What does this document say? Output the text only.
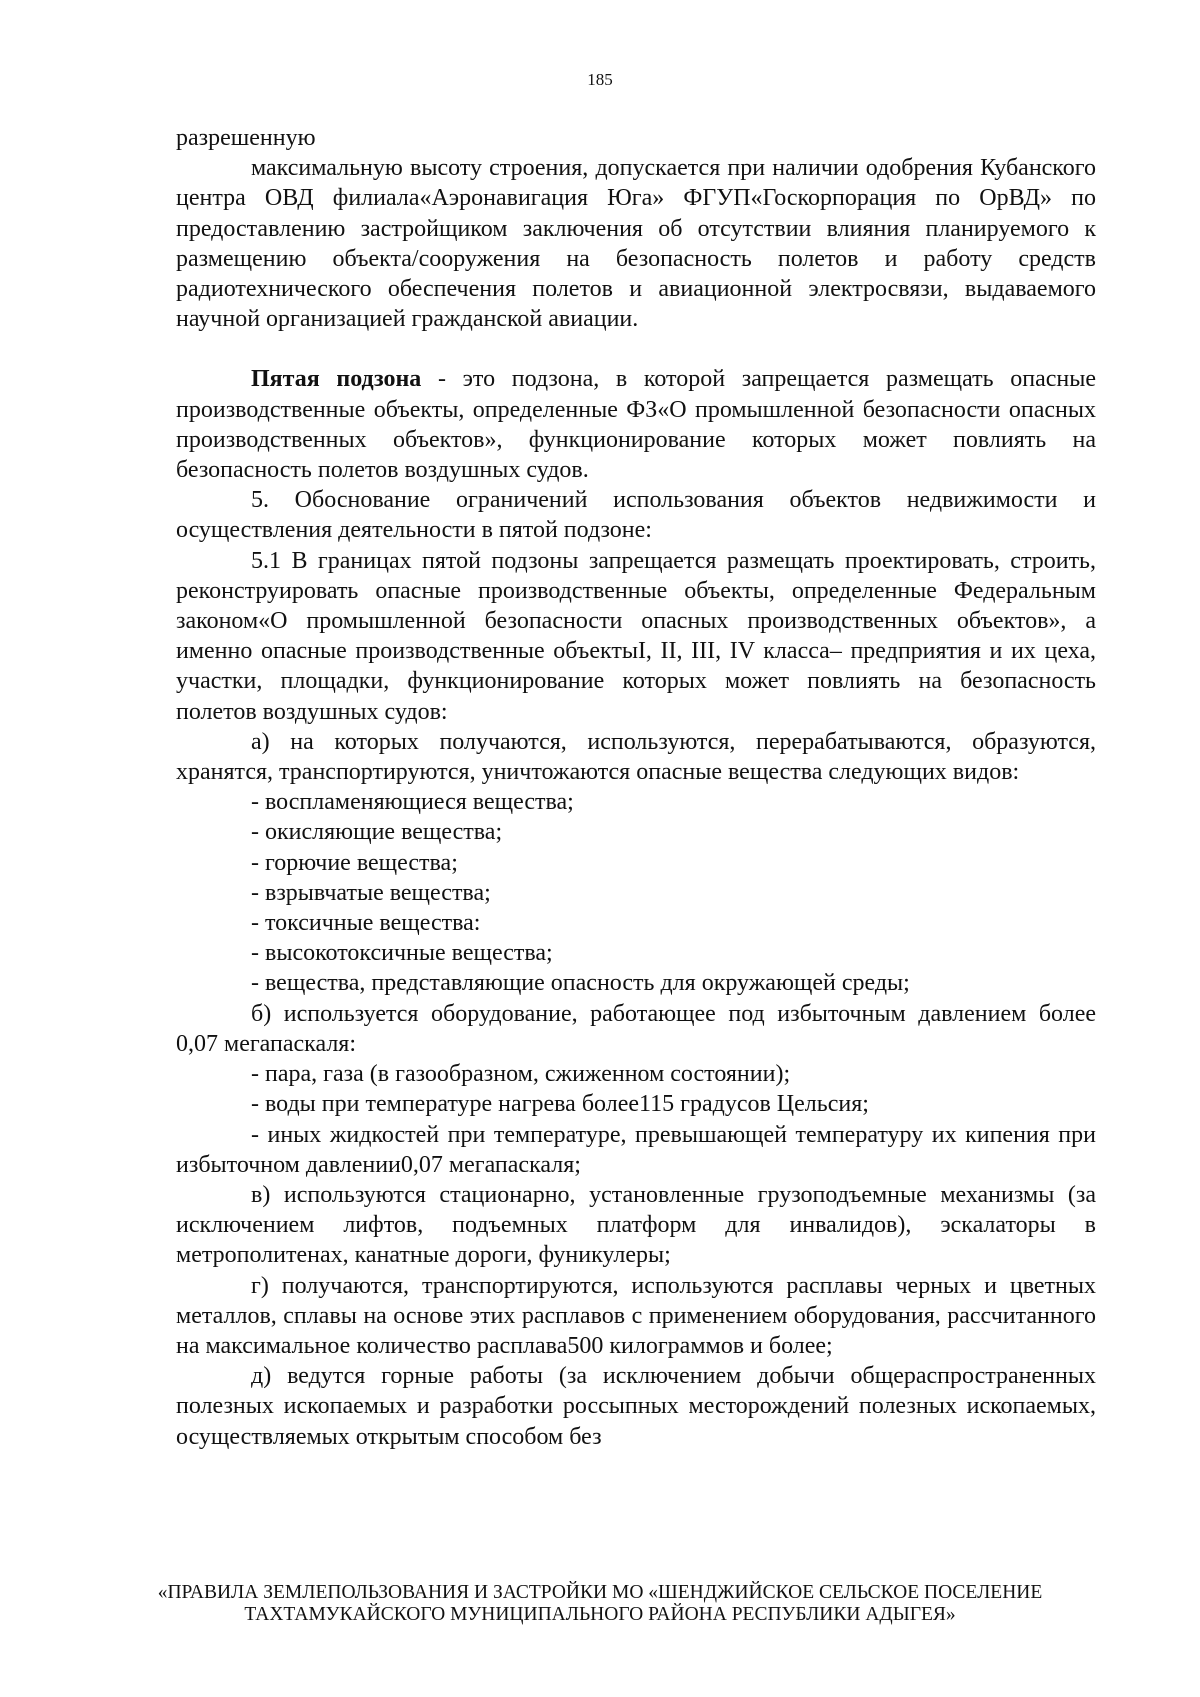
185

разрешенную

максимальную высоту строения, допускается при наличии одобрения Кубанского центра ОВД филиала«Аэронавигация Юга» ФГУП«Госкорпорация по ОрВД» по предоставлению застройщиком заключения об отсутствии влияния планируемого к размещению объекта/сооружения на безопасность полетов и работу средств радиотехнического обеспечения полетов и авиационной электросвязи, выдаваемого научной организацией гражданской авиации.

Пятая подзона - это подзона, в которой запрещается размещать опасные производственные объекты, определенные ФЗ«О промышленной безопасности опасных производственных объектов», функционирование которых может повлиять на безопасность полетов воздушных судов.

5. Обоснование ограничений использования объектов недвижимости и осуществления деятельности в пятой подзоне:

5.1 В границах пятой подзоны запрещается размещать проектировать, строить, реконструировать опасные производственные объекты, определенные Федеральным законом«О промышленной безопасности опасных производственных объектов», а именно опасные производственные объектыI, II, III, IV класса– предприятия и их цеха, участки, площадки, функционирование которых может повлиять на безопасность полетов воздушных судов:

а) на которых получаются, используются, перерабатываются, образуются, хранятся, транспортируются, уничтожаются опасные вещества следующих видов:

- воспламеняющиеся вещества;

- окисляющие вещества;

- горючие вещества;

- взрывчатые вещества;

- токсичные вещества:

- высокотоксичные вещества;

- вещества, представляющие опасность для окружающей среды;

б) используется оборудование, работающее под избыточным давлением более 0,07 мегапаскаля:

- пара, газа (в газообразном, сжиженном состоянии);

- воды при температуре нагрева более115 градусов Цельсия;

- иных жидкостей при температуре, превышающей температуру их кипения при избыточном давлении0,07 мегапаскаля;

в) используются стационарно, установленные грузоподъемные механизмы (за исключением лифтов, подъемных платформ для инвалидов), эскалаторы в метрополитенах, канатные дороги, фуникулеры;

г) получаются, транспортируются, используются расплавы черных и цветных металлов, сплавы на основе этих расплавов с применением оборудования, рассчитанного на максимальное количество расплава500 килограммов и более;

д) ведутся горные работы (за исключением добычи общераспространенных полезных ископаемых и разработки россыпных месторождений полезных ископаемых, осуществляемых открытым способом без

«ПРАВИЛА ЗЕМЛЕПОЛЬЗОВАНИЯ И ЗАСТРОЙКИ МО «ШЕНДЖИЙСКОЕ СЕЛЬСКОЕ ПОСЕЛЕНИЕ

ТАХТАМУКАЙСКОГО МУНИЦИПАЛЬНОГО РАЙОНА РЕСПУБЛИКИ АДЫГЕЯ»
